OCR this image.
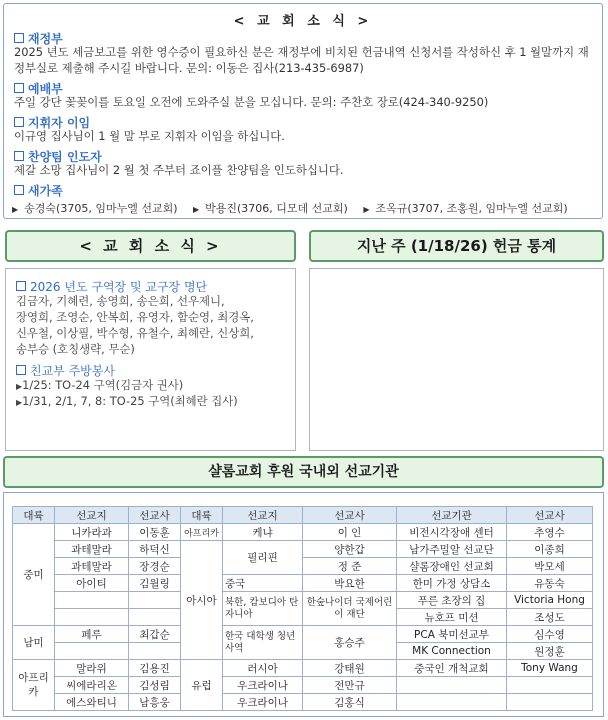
< 교 회 소 식 >
재정부
2025 년도 세금보고를 위한 영수증이 필요하신 분은 재정부에 비치된 헌금내역 신청서를 작성하신 후 1 월말까지 재정부실로 제출해 주시길 바랍니다. 문의: 이동은 집사(213-435-6987)
예배부
주일 강단 꽃꽂이를 토요일 오전에 도와주실 분을 모십니다. 문의: 주찬호 장로(424-340-9250)
지휘자 이임
이규영 집사님이 1 월 말 부로 지휘자 이임을 하십니다.
찬양팀 인도자
제갈 소망 집사님이 2 월 첫 주부터 죠이플 찬양팀을 인도하십니다.
새가족
▶ 송경숙(3705, 임마누엘 선교회) ▶ 박용진(3706, 디모데 선교회) ▶ 조옥규(3707, 조홍원, 임마누엘 선교회)
< 교 회 소 식 >	지난 주 (1/18/26) 헌금 통계
2026 년도 구역장 및 교구장 명단
김금자, 기혜련, 송영희, 송은희, 선우제니,
장영희, 조영순, 안복희, 유영자, 함순영, 최경옥,
신우철, 이상필, 박수형, 유철수, 최혜란, 신상희,
송부승 (호칭생략, 무순)
친교부 주방봉사
▶1/25: TO-24 구역(김금자 권사)
▶1/31, 2/1, 7, 8: TO-25 구역(최혜란 집사)
샬롬교회 후원 국내외 선교기관
대륙	선교지	선교사	대륙	선교지	선교사	선교기관	선교사
중미	니카라과	이동훈	아프리카	케냐	이 인	비전시각장애 센터	추영수
	과테말라	하덕신	아시아	필리핀	양한갑	남가주밀알 선교단	이종희
	과테말라	장경순			정 준	샬롬장애인 선교회	박모세
	아이티	김월링		중국	박요한	한미 가정 상담소	유동숙
				북한, 캄보디아 탄자니아	한숲나이더 국제어린이 재단	푸른 초장의 집	Victoria Hong
						뉴호프 미션	조성도
남미	페루	최갑순		한국 대학생 청년 사역	홍승주	PCA 북미선교부	심수영
						MK Connection	원정훈
아프리카	말라위	김용진	유럽	러시아	강태원	중국인 개척교회	Tony Wang
	씨에라리온	김성림		우크라이나	전만규		
	에스와티니	남흥웅		우크라이나	김홍식		
